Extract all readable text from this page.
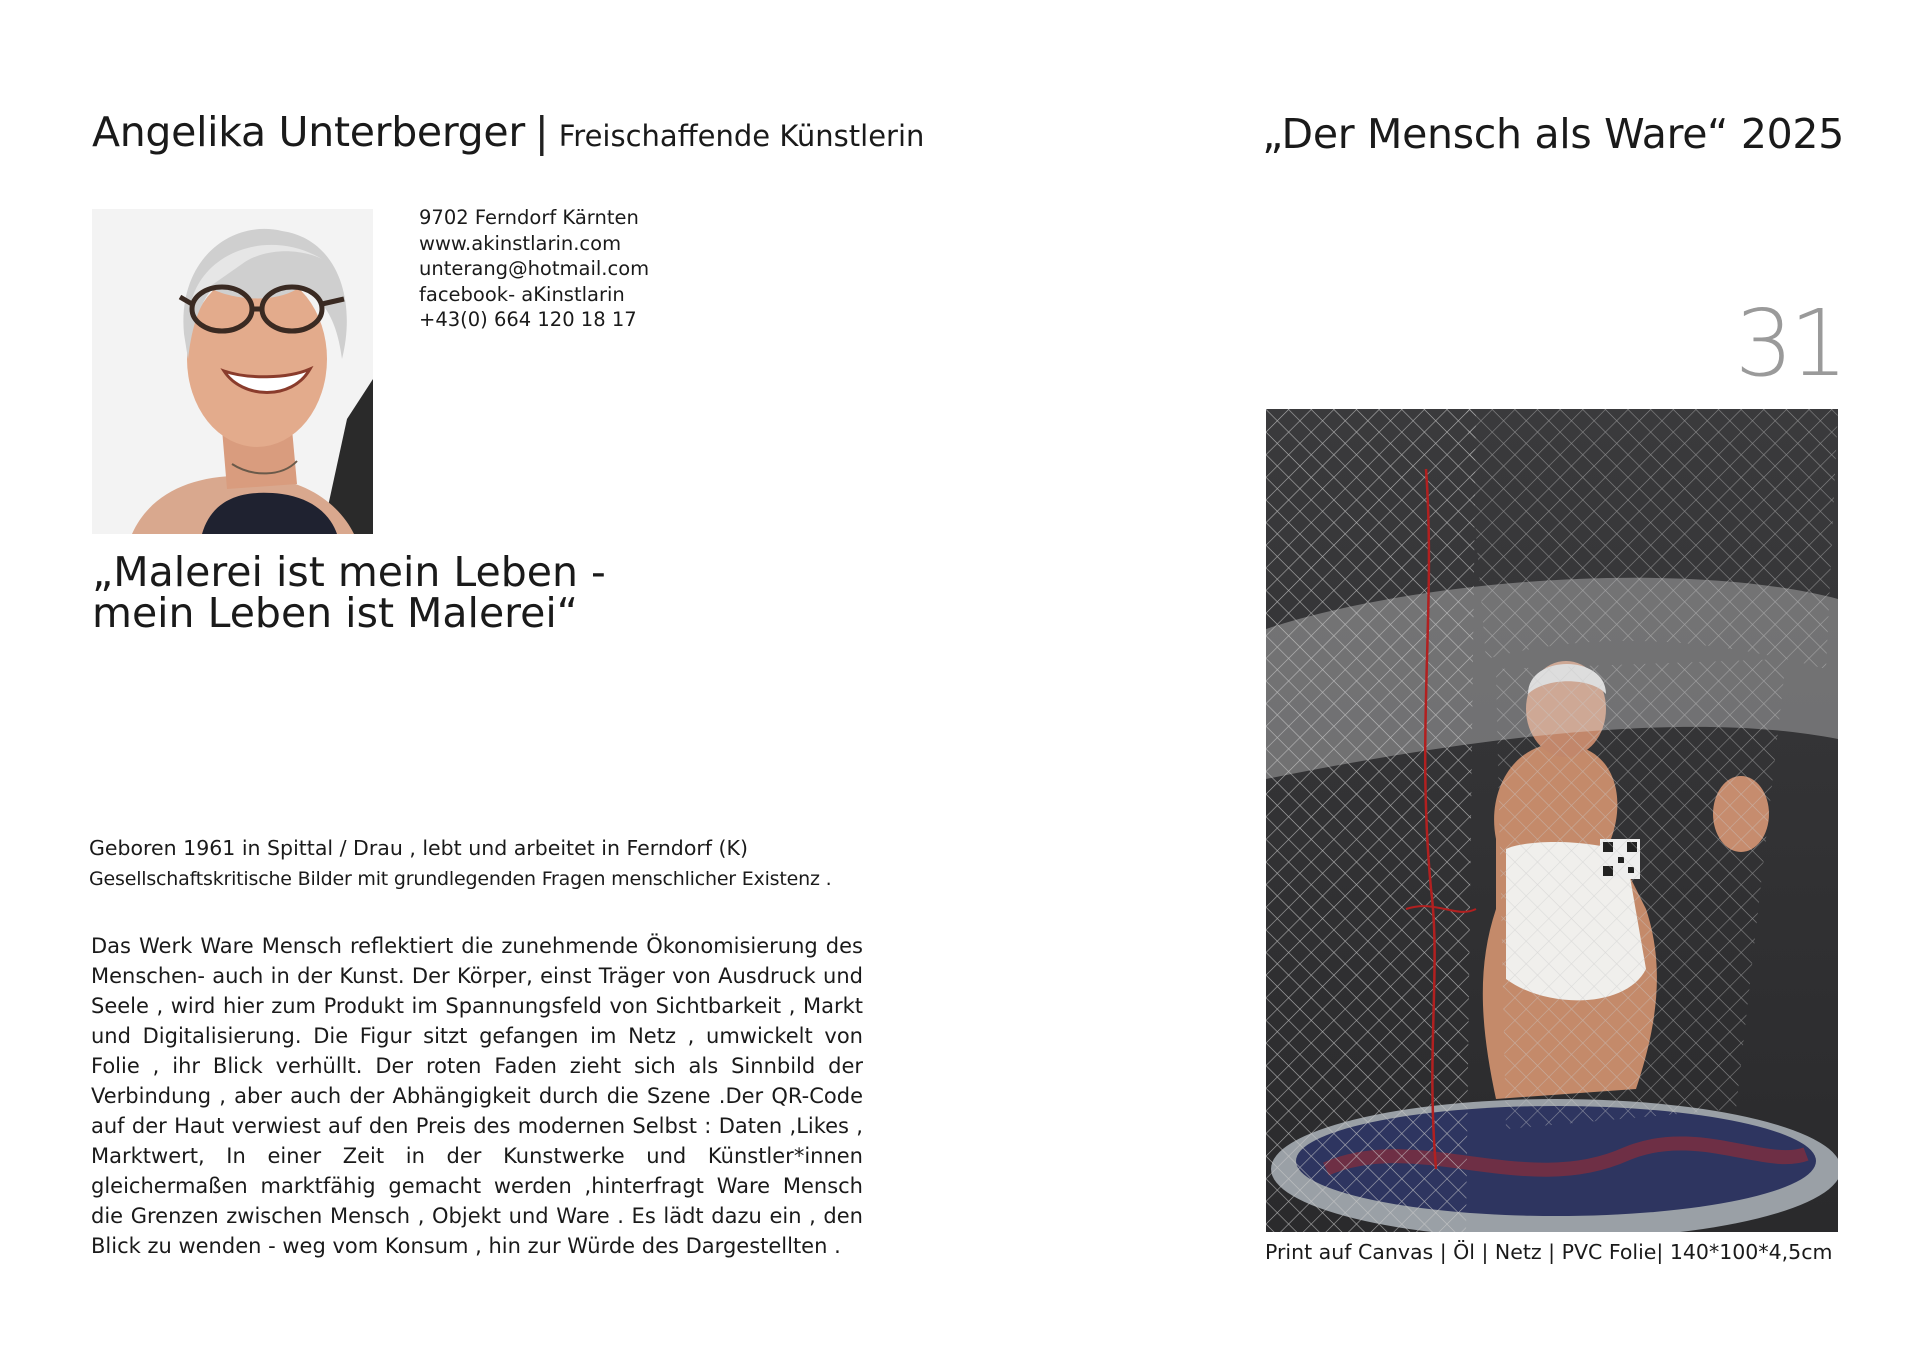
Angelika Unterberger | Freischaffende Künstlerin	„Der Mensch als Ware“ 2025
31
9702 Ferndorf Kärnten
www.akinstlarin.com
unterang@hotmail.com
facebook- aKinstlarin
+43(0) 664 120 18 17
„Malerei ist mein Leben -
mein Leben ist Malerei“
Geboren 1961 in Spittal / Drau , lebt und arbeitet in Ferndorf (K)
Gesellschaftskritische Bilder mit grundlegenden Fragen menschlicher Existenz .
Das Werk Ware Mensch reflektiert die zunehmende Ökonomisierung des Menschen- auch in der Kunst. Der Körper, einst Träger von Ausdruck und Seele , wird hier zum Produkt im Spannungsfeld von Sichtbarkeit , Markt und Digitalisierung. Die Figur sitzt gefangen im Netz , umwickelt von Folie , ihr Blick verhüllt. Der roten Faden zieht sich als Sinnbild der Verbindung , aber auch der Abhängigkeit durch die Szene .Der QR-Code auf der Haut verwiest auf den Preis des modernen Selbst : Daten ,Likes , Marktwert, In einer Zeit in der Kunstwerke und Künstler*innen gleichermaßen marktfähig gemacht werden ,hinterfragt Ware Mensch die Grenzen zwischen Mensch , Objekt und Ware . Es lädt dazu ein , den Blick zu wenden - weg vom Konsum , hin zur Würde des Dargestellten .	Print auf Canvas | Öl | Netz | PVC Folie| 140*100*4,5cm
